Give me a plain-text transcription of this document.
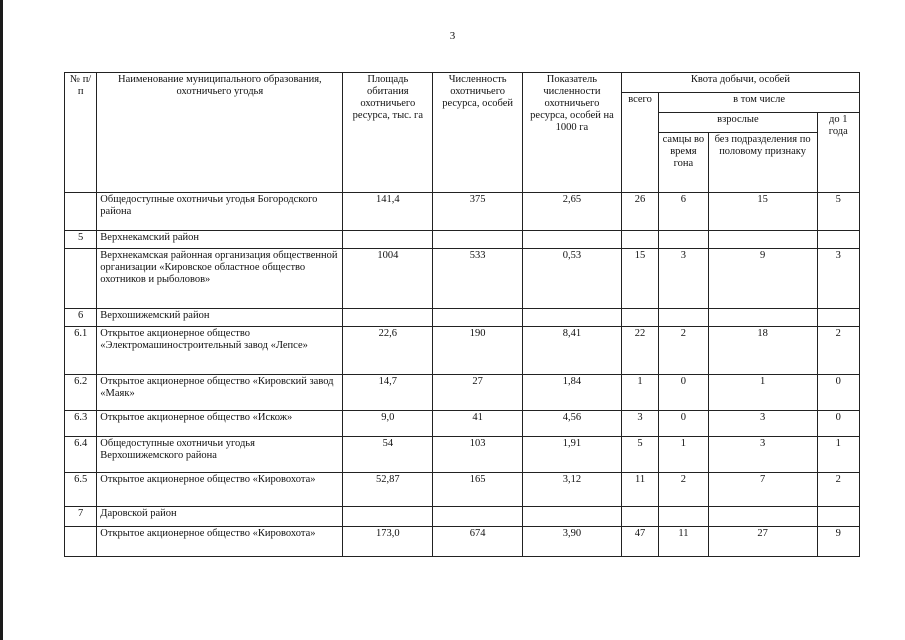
3
№ п/п	Наименование муниципального образования, охотничьего угодья	Площадь обитания охотничьего ресурса, тыс. га	Численность охотничьего ресурса, особей	Показатель численности охотничьего ресурса, особей на 1000 га	Квота добычи, особей			
					всего	в том числе		
						взрослые		до 1 года
						самцы во время гона	без подразделения по половому признаку	
	Общедоступные охотничьи угодья Богородского района	141,4	375	2,65	26	6	15	5
5	Верхнекамский район							
	Верхнекамская районная организация общественной организации «Кировское областное общество охотников и рыболовов»	1004	533	0,53	15	3	9	3
6	Верхошижемский район							
6.1	Открытое акционерное общество «Электромашиностроительный завод «Лепсе»	22,6	190	8,41	22	2	18	2
6.2	Открытое акционерное общество «Кировский завод «Маяк»	14,7	27	1,84	1	0	1	0
6.3	Открытое акционерное общество «Искож»	9,0	41	4,56	3	0	3	0
6.4	Общедоступные охотничьи угодья Верхошижемского района	54	103	1,91	5	1	3	1
6.5	Открытое акционерное общество «Кировохота»	52,87	165	3,12	11	2	7	2
7	Даровской район							
	Открытое акционерное общество «Кировохота»	173,0	674	3,90	47	11	27	9
